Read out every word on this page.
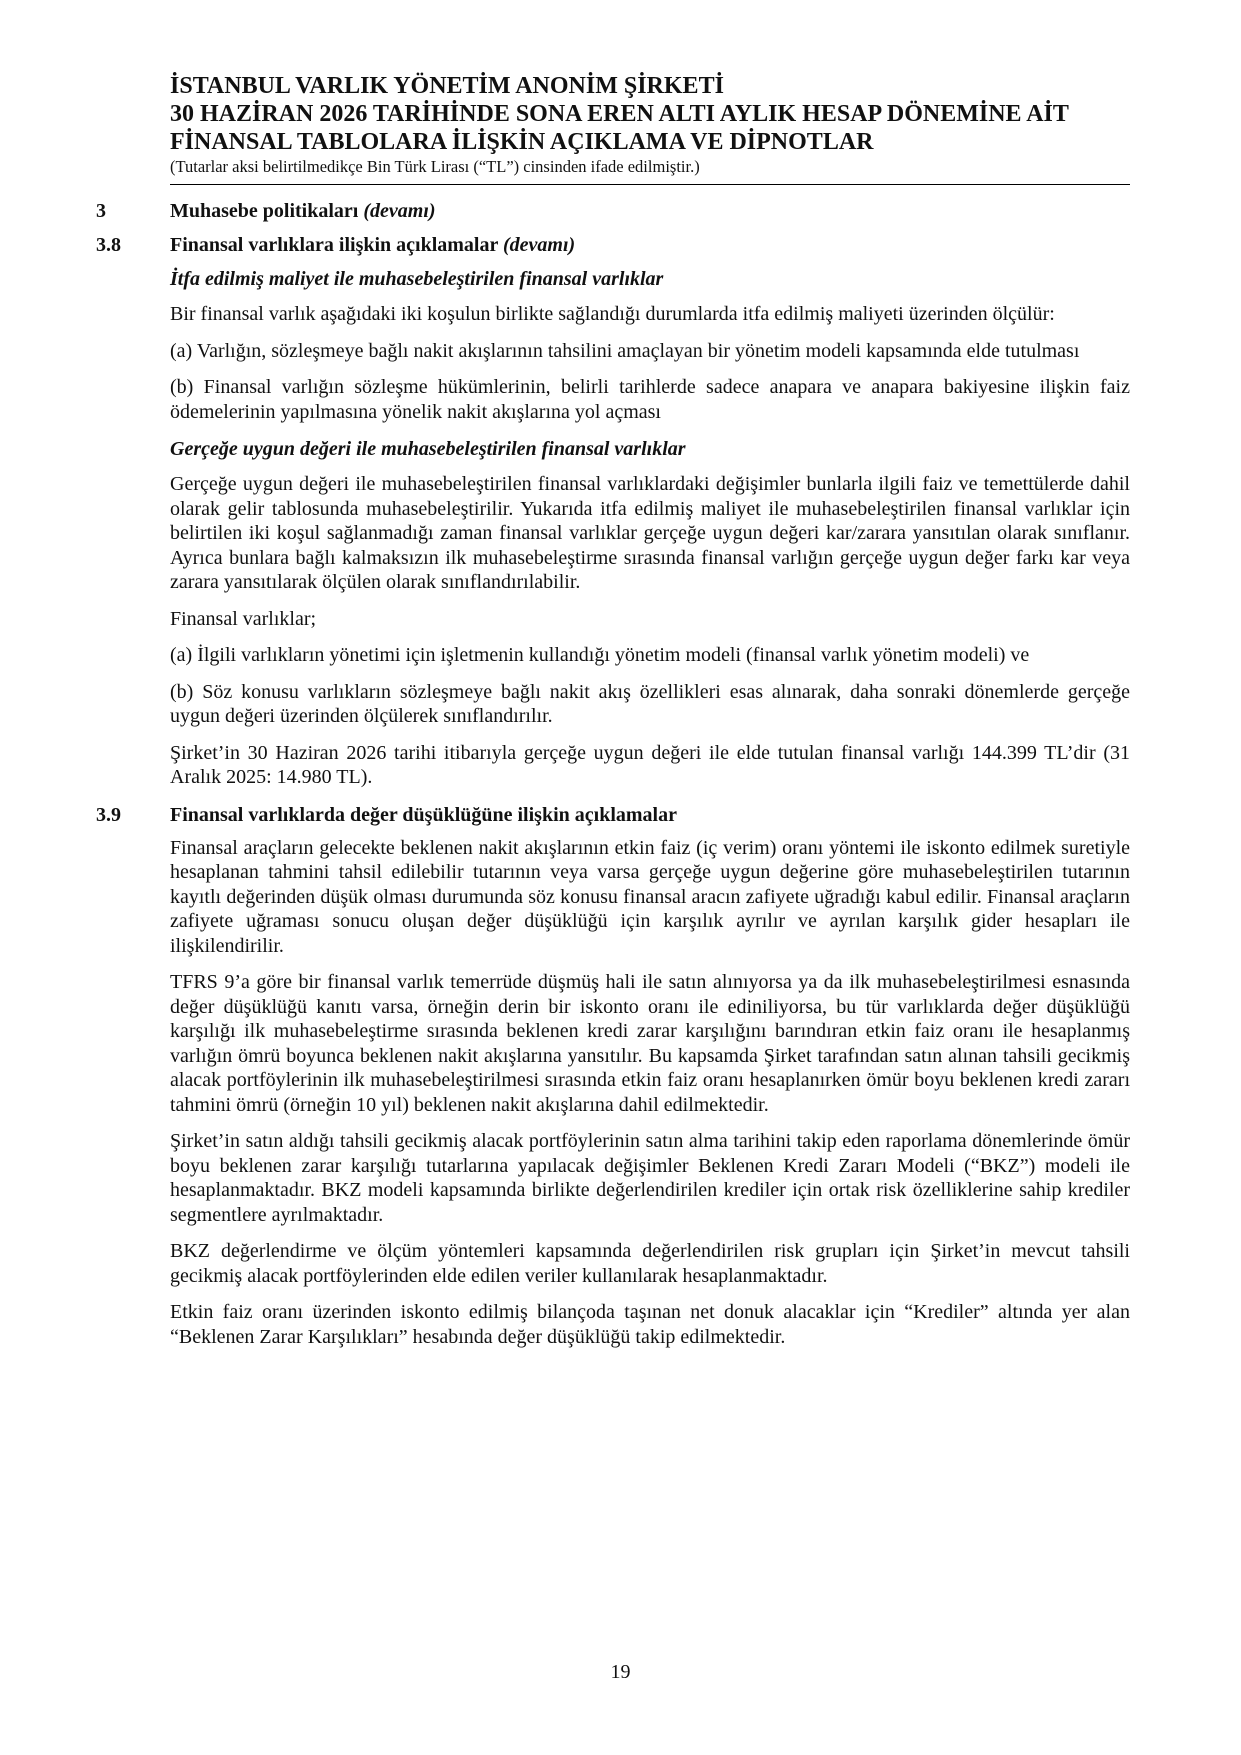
İSTANBUL VARLIK YÖNETİM ANONİM ŞİRKETİ
30 HAZİRAN 2026 TARİHİNDE SONA EREN ALTI AYLIK HESAP DÖNEMİNE AİT
FİNANSAL TABLOLARA İLİŞKİN AÇIKLAMA VE DİPNOTLAR
(Tutarlar aksi belirtilmedikçe Bin Türk Lirası (“TL”) cinsinden ifade edilmiştir.)
3	Muhasebe politikaları (devamı)
3.8 Finansal varlıklara ilişkin açıklamalar (devamı)
İtfa edilmiş maliyet ile muhasebeleştirilen finansal varlıklar

Bir finansal varlık aşağıdaki iki koşulun birlikte sağlandığı durumlarda itfa edilmiş maliyeti üzerinden ölçülür:

(a) Varlığın, sözleşmeye bağlı nakit akışlarının tahsilini amaçlayan bir yönetim modeli kapsamında elde tutulması

(b) Finansal varlığın sözleşme hükümlerinin, belirli tarihlerde sadece anapara ve anapara bakiyesine ilişkin faiz ödemelerinin yapılmasına yönelik nakit akışlarına yol açması

Gerçeğe uygun değeri ile muhasebeleştirilen finansal varlıklar

Gerçeğe uygun değeri ile muhasebeleştirilen finansal varlıklardaki değişimler bunlarla ilgili faiz ve temettülerde dahil olarak gelir tablosunda muhasebeleştirilir. Yukarıda itfa edilmiş maliyet ile muhasebeleştirilen finansal varlıklar için belirtilen iki koşul sağlanmadığı zaman finansal varlıklar gerçeğe uygun değeri kar/zarara yansıtılan olarak sınıflanır. Ayrıca bunlara bağlı kalmaksızın ilk muhasebeleştirme sırasında finansal varlığın gerçeğe uygun değer farkı kar veya zarara yansıtılarak ölçülen olarak sınıflandırılabilir.

Finansal varlıklar;

(a) İlgili varlıkların yönetimi için işletmenin kullandığı yönetim modeli (finansal varlık yönetim modeli) ve

(b) Söz konusu varlıkların sözleşmeye bağlı nakit akış özellikleri esas alınarak, daha sonraki dönemlerde gerçeğe uygun değeri üzerinden ölçülerek sınıflandırılır.

Şirket’in 30 Haziran 2026 tarihi itibarıyla gerçeğe uygun değeri ile elde tutulan finansal varlığı 144.399 TL’dir (31 Aralık 2025: 14.980 TL).

3.9 Finansal varlıklarda değer düşüklüğüne ilişkin açıklamalar

Finansal araçların gelecekte beklenen nakit akışlarının etkin faiz (iç verim) oranı yöntemi ile iskonto edilmek suretiyle hesaplanan tahmini tahsil edilebilir tutarının veya varsa gerçeğe uygun değerine göre muhasebeleştirilen tutarının kayıtlı değerinden düşük olması durumunda söz konusu finansal aracın zafiyete uğradığı kabul edilir. Finansal araçların zafiyete uğraması sonucu oluşan değer düşüklüğü için karşılık ayrılır ve ayrılan karşılık gider hesapları ile ilişkilendirilir.

TFRS 9’a göre bir finansal varlık temerrüde düşmüş hali ile satın alınıyorsa ya da ilk muhasebeleştirilmesi esnasında değer düşüklüğü kanıtı varsa, örneğin derin bir iskonto oranı ile ediniliyorsa, bu tür varlıklarda değer düşüklüğü karşılığı ilk muhasebeleştirme sırasında beklenen kredi zarar karşılığını barındıran etkin faiz oranı ile hesaplanmış varlığın ömrü boyunca beklenen nakit akışlarına yansıtılır. Bu kapsamda Şirket tarafından satın alınan tahsili gecikmiş alacak portföylerinin ilk muhasebeleştirilmesi sırasında etkin faiz oranı hesaplanırken ömür boyu beklenen kredi zararı tahmini ömrü (örneğin 10 yıl) beklenen nakit akışlarına dahil edilmektedir.

Şirket’in satın aldığı tahsili gecikmiş alacak portföylerinin satın alma tarihini takip eden raporlama dönemlerinde ömür boyu beklenen zarar karşılığı tutarlarına yapılacak değişimler Beklenen Kredi Zararı Modeli (“BKZ”) modeli ile hesaplanmaktadır. BKZ modeli kapsamında birlikte değerlendirilen krediler için ortak risk özelliklerine sahip krediler segmentlere ayrılmaktadır.

BKZ değerlendirme ve ölçüm yöntemleri kapsamında değerlendirilen risk grupları için Şirket’in mevcut tahsili gecikmiş alacak portföylerinden elde edilen veriler kullanılarak hesaplanmaktadır.

Etkin faiz oranı üzerinden iskonto edilmiş bilançoda taşınan net donuk alacaklar için “Krediler” altında yer alan “Beklenen Zarar Karşılıkları” hesabında değer düşüklüğü takip edilmektedir.

19
